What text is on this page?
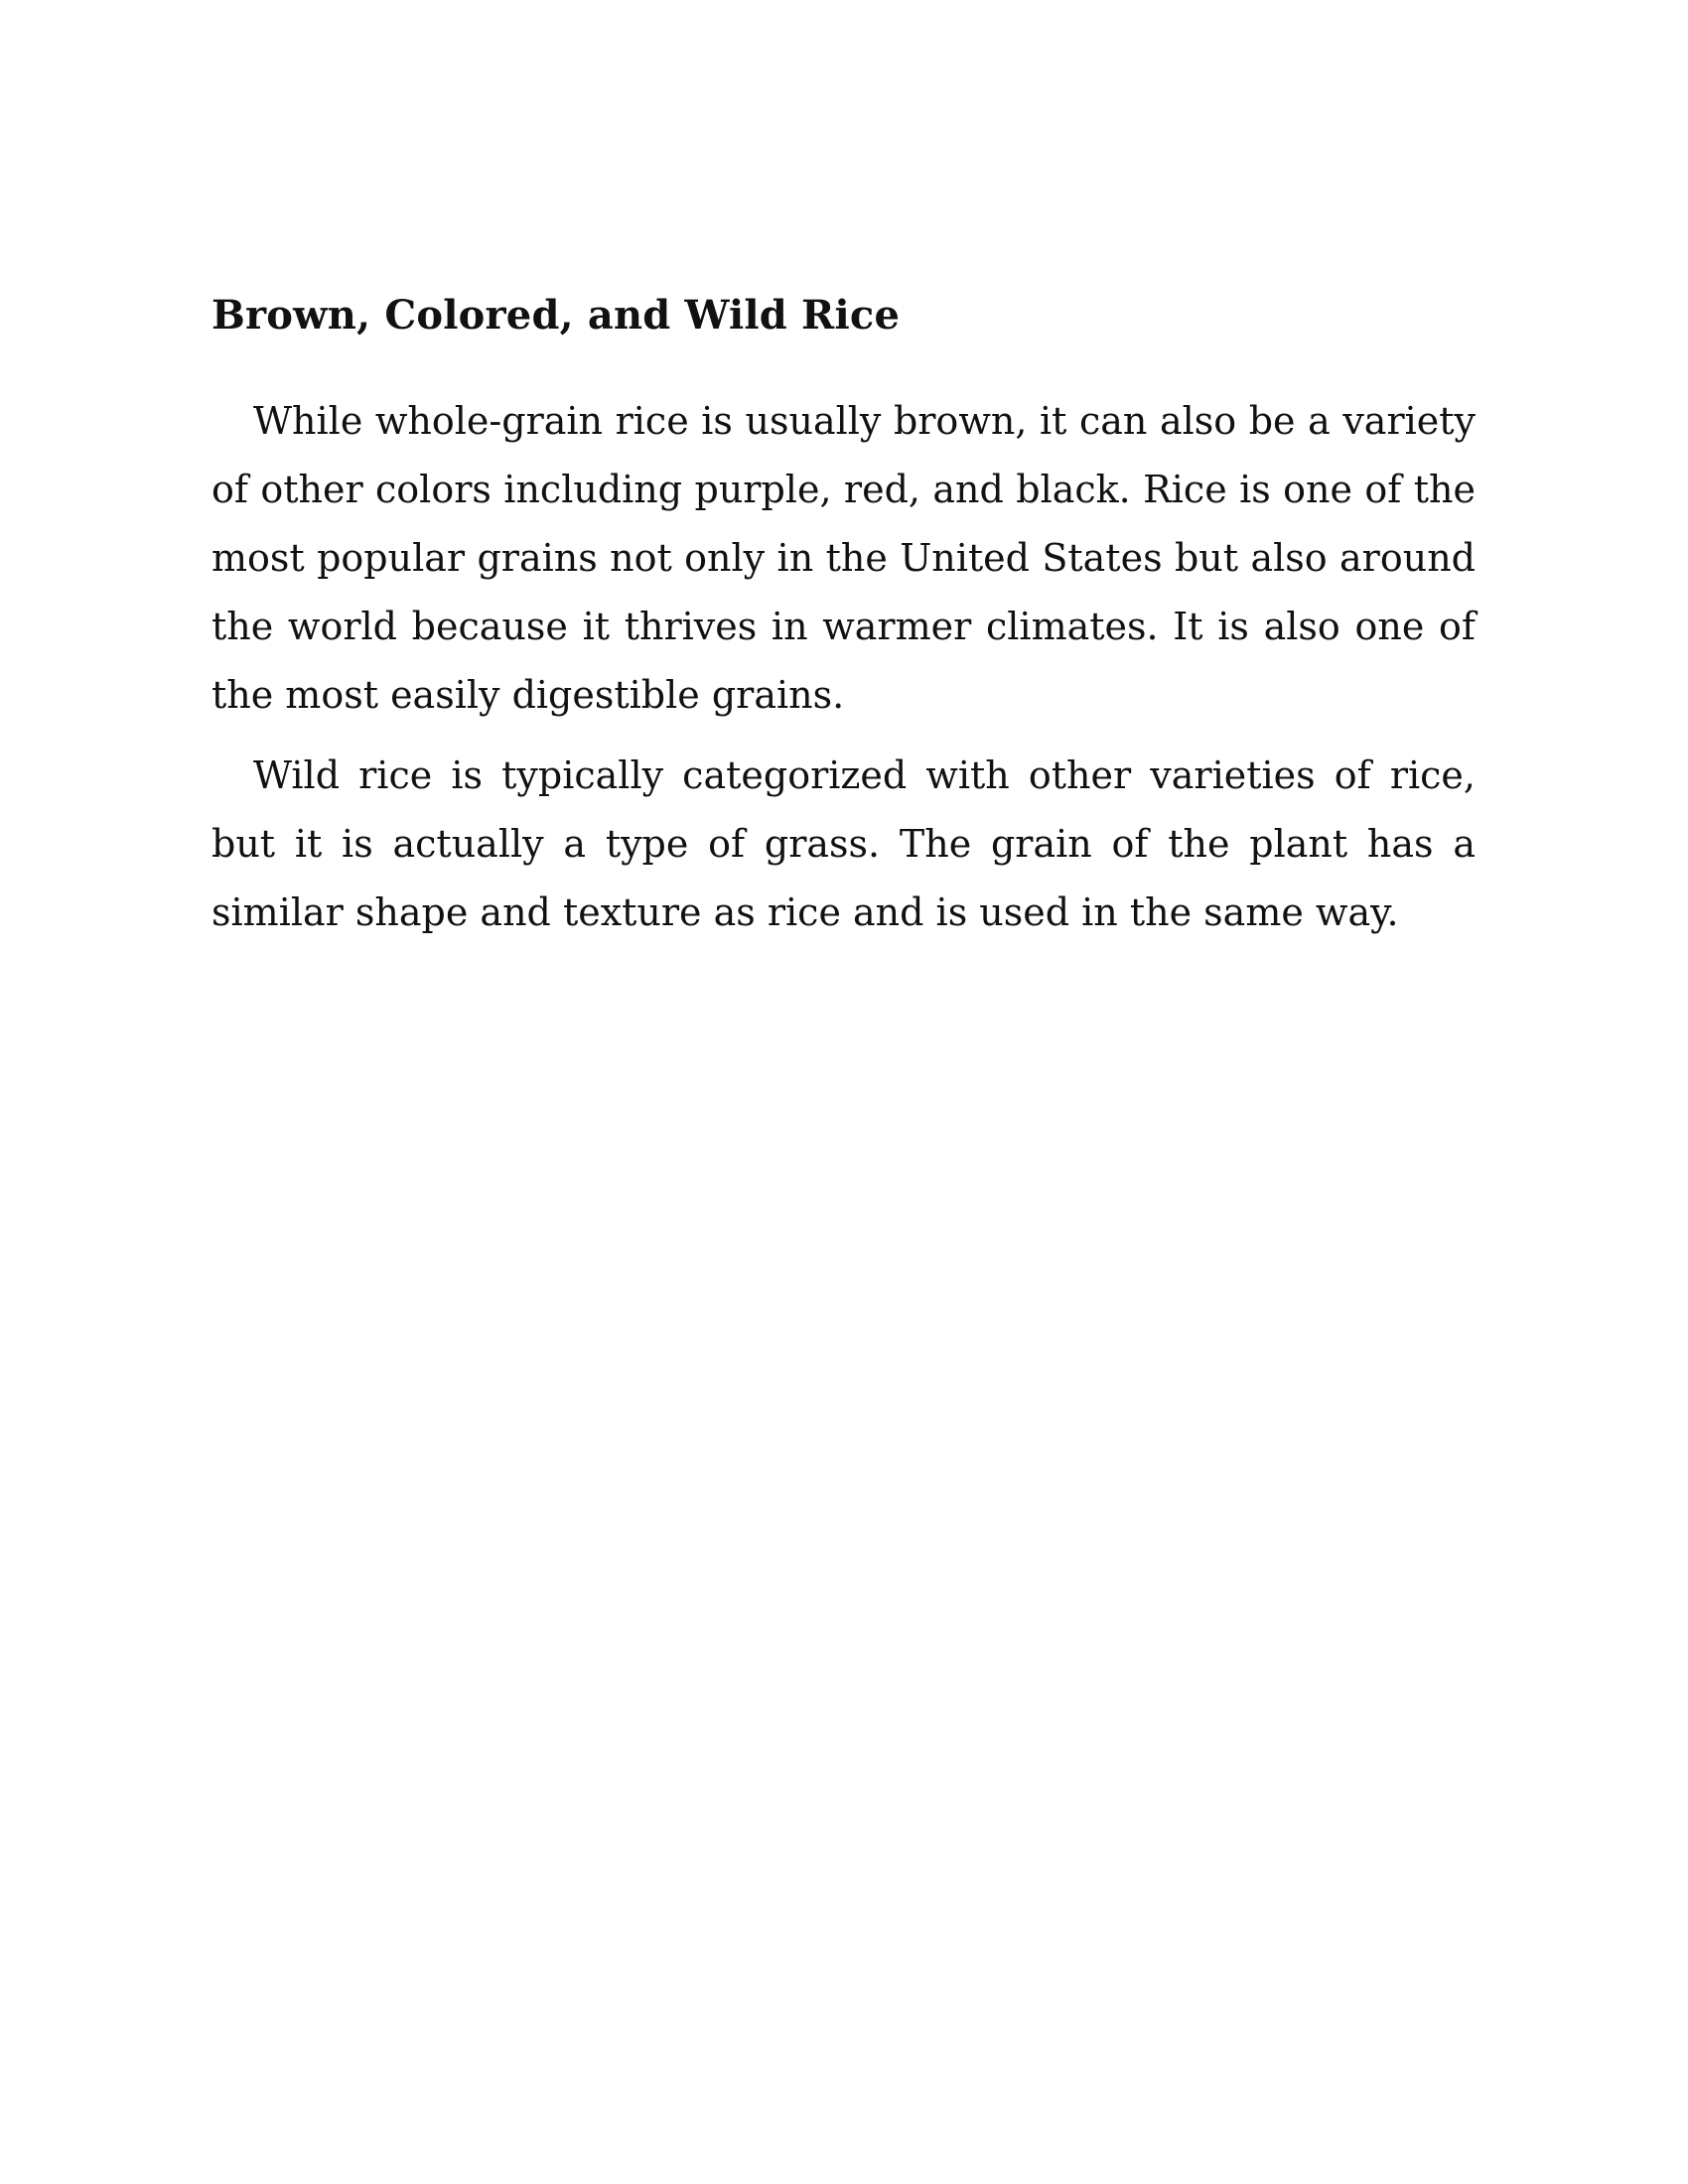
Brown, Colored, and Wild Rice

While whole-grain rice is usually brown, it can also be a variety of other colors including purple, red, and black. Rice is one of the most popular grains not only in the United States but also around the world because it thrives in warmer climates. It is also one of the most easily digestible grains.

Wild rice is typically categorized with other varieties of rice, but it is actually a type of grass. The grain of the plant has a similar shape and texture as rice and is used in the same way.
